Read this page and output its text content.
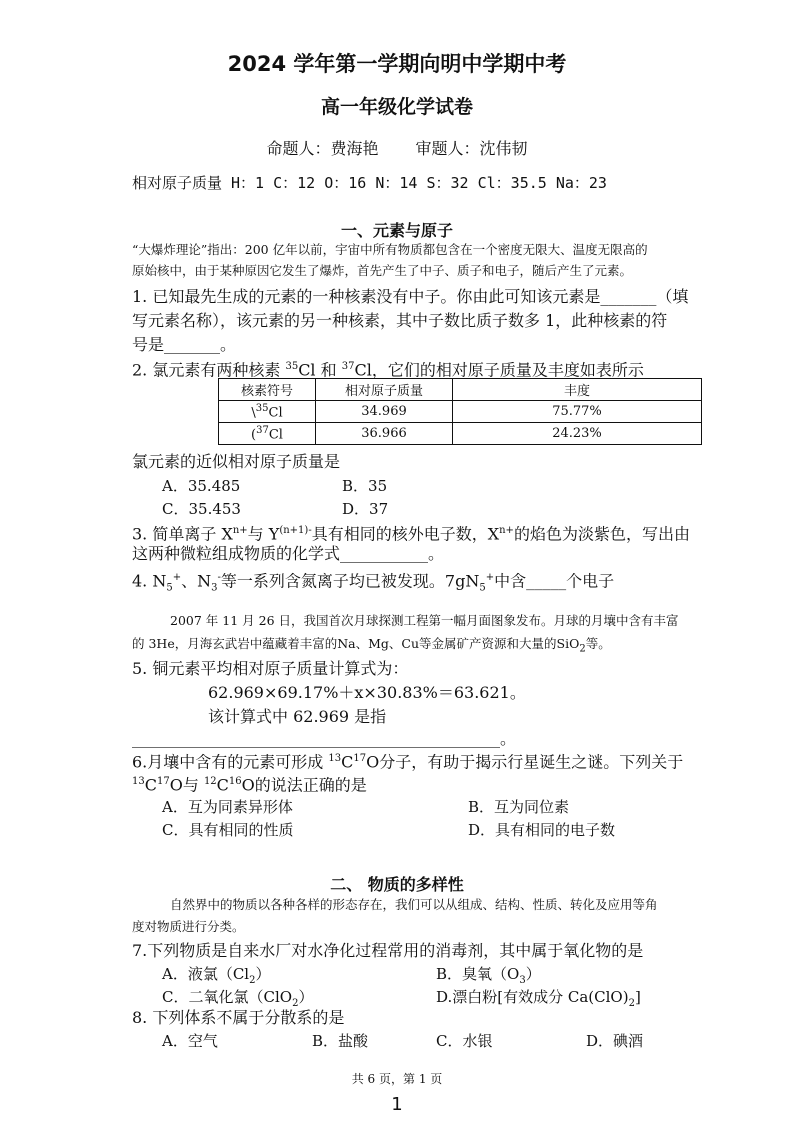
2024 学年第一学期向明中学期中考
高一年级化学试卷
命题人：费海艳 审题人：沈伟韧
相对原子质量 H：1 C：12 O：16 N：14 S：32 Cl：35.5 Na：23
一、元素与原子
“大爆炸理论”指出：200 亿年以前，宇宙中所有物质都包含在一个密度无限大、温度无限高的
原始核中，由于某种原因它发生了爆炸，首先产生了中子、质子和电子，随后产生了元素。
1. 已知最先生成的元素的一种核素没有中子。你由此可知该元素是_______（填
写元素名称），该元素的另一种核素，其中子数比质子数多 1，此种核素的符
号是_______。
2. 氯元素有两种核素 $^{35}$Cl 和 $^{37}$Cl，它们的相对原子质量及丰度如表所示
核素符号	相对原子质量	丰度
\$^{35}$Cl	34.969	75.77%
($^{37}$Cl	36.966	24.23%
氯元素的近似相对原子质量是
A．35.485	B．35
C．35.453	D．37
3. 简单离子 $X^{n+}$与 $Y^{(n+1)-}$具有相同的核外电子数，$X^{n+}$的焰色为淡紫色，写出由
这两种微粒组成物质的化学式___________。
4. $N_5^+$、$N_3^-$等一系列含氮离子均已被发现。$7gN_5^+$中含_____个电子
2007 年 11 月 26 日，我国首次月球探测工程第一幅月面图象发布。月球的月壤中含有丰富
的 3He，月海玄武岩中蕴藏着丰富的Na、Mg、Cu等金属矿产资源和大量的SiO$_2$等。
5. 铜元素平均相对原子质量计算式为：
62.969×69.17%＋x×30.83%＝63.621。
该计算式中 62.969 是指
______________________________________________。
6.月壤中含有的元素可形成 $^{13}C^{17}O$分子，有助于揭示行星诞生之谜。下列关于
$^{13}C^{17}O$与 $^{12}C^{16}O$的说法正确的是
A．互为同素异形体	B．互为同位素
C．具有相同的性质	D．具有相同的电子数
二、 物质的多样性
自然界中的物质以各种各样的形态存在，我们可以从组成、结构、性质、转化及应用等角
度对物质进行分类。
7.下列物质是自来水厂对水净化过程常用的消毒剂，其中属于氧化物的是
A．液氯$(Cl_2)$	B．臭氧$(O_3)$
C．二氧化氯（ClO$_2$）	D.漂白粉[有效成分 $Ca(ClO)_2$]
8. 下列体系不属于分散系的是
A．空气	B．盐酸	C．水银	D．碘酒
共 6 页，第 1 页
1
